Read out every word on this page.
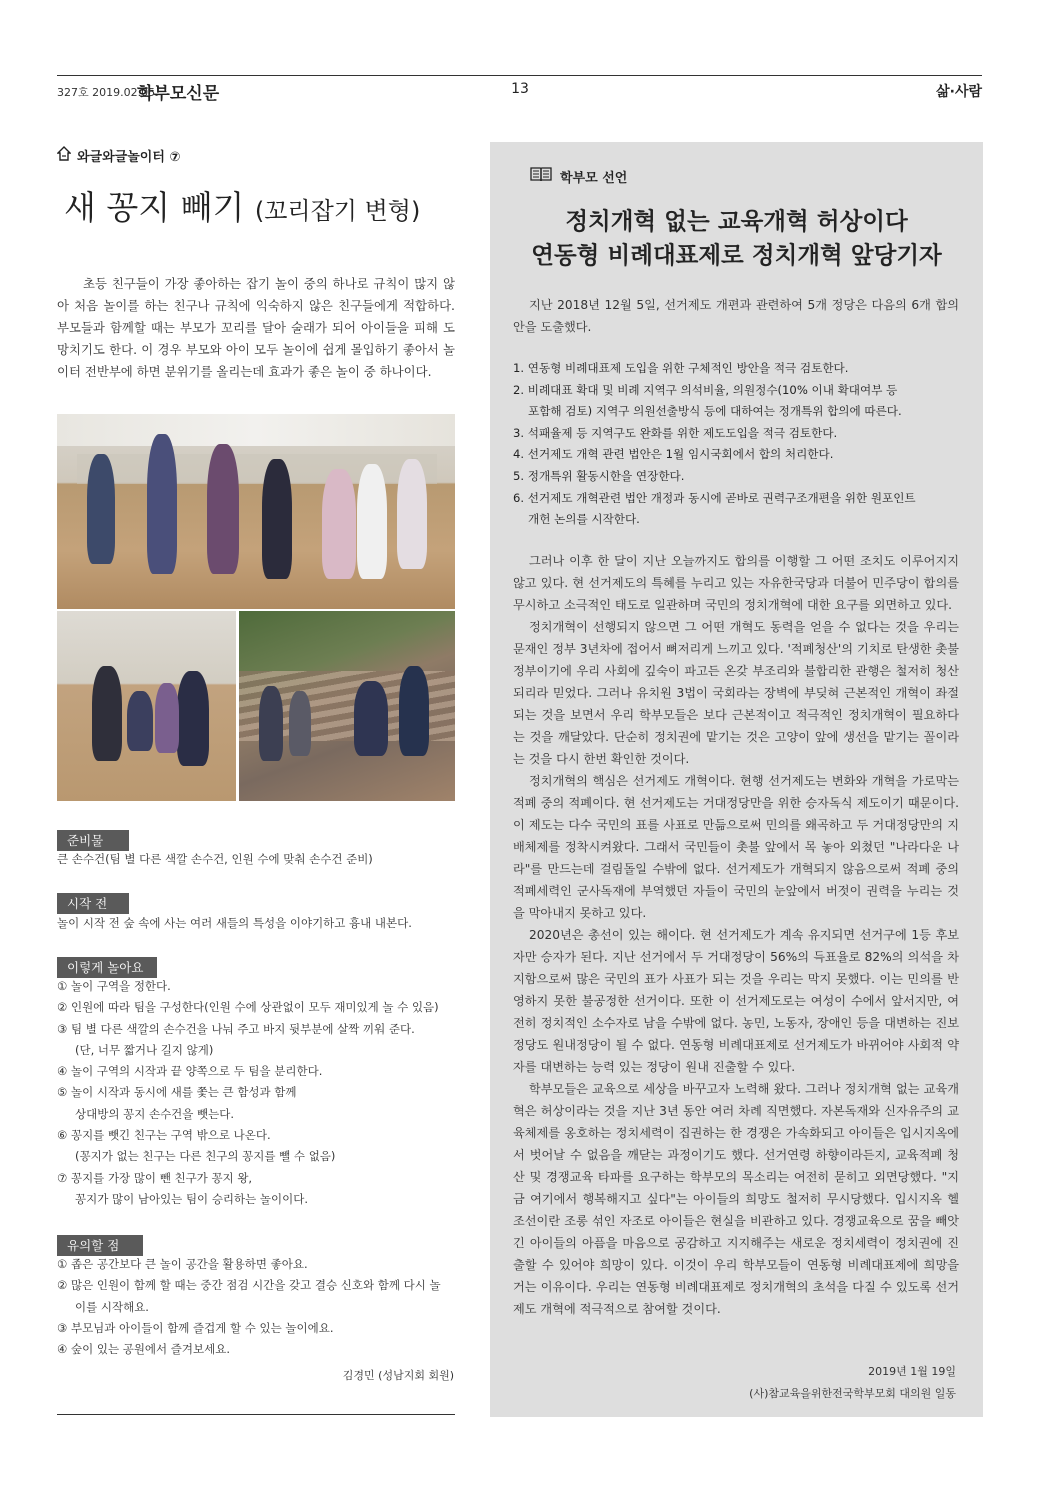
327호 2019.02.05.
학부모신문	13	삶·사람
와글와글놀이터 ⑦
새 꽁지 빼기 (꼬리잡기 변형)
초등 친구들이 가장 좋아하는 잡기 놀이 중의 하나로 규칙이 많지 않아 처음 놀이를 하는 친구나 규칙에 익숙하지 않은 친구들에게 적합하다. 부모들과 함께할 때는 부모가 꼬리를 달아 술래가 되어 아이들을 피해 도망치기도 한다. 이 경우 부모와 아이 모두 놀이에 쉽게 몰입하기 좋아서 놀이터 전반부에 하면 분위기를 올리는데 효과가 좋은 놀이 중 하나이다.
준비물
큰 손수건(팀 별 다른 색깔 손수건, 인원 수에 맞춰 손수건 준비)
시작 전
놀이 시작 전 숲 속에 사는 여러 새들의 특성을 이야기하고 흉내 내본다.
이렇게 놀아요
① 놀이 구역을 정한다.
② 인원에 따라 팀을 구성한다(인원 수에 상관없이 모두 재미있게 놀 수 있음)
③ 팀 별 다른 색깔의 손수건을 나눠 주고 바지 뒷부분에 살짝 끼워 준다.
(단, 너무 짧거나 길지 않게)
④ 놀이 구역의 시작과 끝 양쪽으로 두 팀을 분리한다.
⑤ 놀이 시작과 동시에 새를 쫓는 큰 함성과 함께
상대방의 꽁지 손수건을 뺏는다.
⑥ 꽁지를 뺏긴 친구는 구역 밖으로 나온다.
(꽁지가 없는 친구는 다른 친구의 꽁지를 뺄 수 없음)
⑦ 꽁지를 가장 많이 뺀 친구가 꽁지 왕,
꽁지가 많이 남아있는 팀이 승리하는 놀이이다.
유의할 점
① 좁은 공간보다 큰 놀이 공간을 활용하면 좋아요.
② 많은 인원이 함께 할 때는 중간 점검 시간을 갖고 결승 신호와 함께 다시 놀
이를 시작해요.
③ 부모님과 아이들이 함께 즐겁게 할 수 있는 놀이에요.
④ 숲이 있는 공원에서 즐겨보세요.
김경민 (성남지회 회원)
학부모 선언
정치개혁 없는 교육개혁 허상이다
연동형 비례대표제로 정치개혁 앞당기자
지난 2018년 12월 5일, 선거제도 개편과 관련하여 5개 정당은 다음의 6개 합의안을 도출했다.
1. 연동형 비례대표제 도입을 위한 구체적인 방안을 적극 검토한다.
2. 비례대표 확대 및 비례 지역구 의석비율, 의원정수(10% 이내 확대여부 등
포함해 검토) 지역구 의원선출방식 등에 대하여는 정개특위 합의에 따른다.
3. 석패율제 등 지역구도 완화를 위한 제도도입을 적극 검토한다.
4. 선거제도 개혁 관련 법안은 1월 임시국회에서 합의 처리한다.
5. 정개특위 활동시한을 연장한다.
6. 선거제도 개혁관련 법안 개정과 동시에 곧바로 권력구조개편을 위한 원포인트
개헌 논의를 시작한다.

그러나 이후 한 달이 지난 오늘까지도 합의를 이행할 그 어떤 조치도 이루어지지 않고 있다. 현 선거제도의 특혜를 누리고 있는 자유한국당과 더불어 민주당이 합의를 무시하고 소극적인 태도로 일관하며 국민의 정치개혁에 대한 요구를 외면하고 있다.

정치개혁이 선행되지 않으면 그 어떤 개혁도 동력을 얻을 수 없다는 것을 우리는 문재인 정부 3년차에 접어서 뼈저리게 느끼고 있다. '적폐청산'의 기치로 탄생한 촛불 정부이기에 우리 사회에 깊숙이 파고든 온갖 부조리와 불합리한 관행은 철저히 청산되리라 믿었다. 그러나 유치원 3법이 국회라는 장벽에 부딪혀 근본적인 개혁이 좌절되는 것을 보면서 우리 학부모들은 보다 근본적이고 적극적인 정치개혁이 필요하다는 것을 깨달았다. 단순히 정치권에 맡기는 것은 고양이 앞에 생선을 맡기는 꼴이라는 것을 다시 한번 확인한 것이다.

정치개혁의 핵심은 선거제도 개혁이다. 현행 선거제도는 변화와 개혁을 가로막는 적폐 중의 적폐이다. 현 선거제도는 거대정당만을 위한 승자독식 제도이기 때문이다. 이 제도는 다수 국민의 표를 사표로 만듦으로써 민의를 왜곡하고 두 거대정당만의 지배체제를 정착시켜왔다. 그래서 국민들이 촛불 앞에서 목 놓아 외쳤던 "나라다운 나라"를 만드는데 걸림돌일 수밖에 없다. 선거제도가 개혁되지 않음으로써 적폐 중의 적폐세력인 군사독재에 부역했던 자들이 국민의 눈앞에서 버젓이 권력을 누리는 것을 막아내지 못하고 있다.

2020년은 총선이 있는 해이다. 현 선거제도가 계속 유지되면 선거구에 1등 후보자만 승자가 된다. 지난 선거에서 두 거대정당이 56%의 득표율로 82%의 의석을 차지함으로써 많은 국민의 표가 사표가 되는 것을 우리는 막지 못했다. 이는 민의를 반영하지 못한 불공정한 선거이다. 또한 이 선거제도로는 여성이 수에서 앞서지만, 여전히 정치적인 소수자로 남을 수밖에 없다. 농민, 노동자, 장애인 등을 대변하는 진보정당도 원내정당이 될 수 없다. 연동형 비례대표제로 선거제도가 바뀌어야 사회적 약자를 대변하는 능력 있는 정당이 원내 진출할 수 있다.

학부모들은 교육으로 세상을 바꾸고자 노력해 왔다. 그러나 정치개혁 없는 교육개혁은 허상이라는 것을 지난 3년 동안 여러 차례 직면했다. 자본독재와 신자유주의 교육체제를 옹호하는 정치세력이 집권하는 한 경쟁은 가속화되고 아이들은 입시지옥에서 벗어날 수 없음을 깨닫는 과정이기도 했다. 선거연령 하향이라든지, 교육적폐 청산 및 경쟁교육 타파를 요구하는 학부모의 목소리는 여전히 묻히고 외면당했다. "지금 여기에서 행복해지고 싶다"는 아이들의 희망도 철저히 무시당했다. 입시지옥 헬 조선이란 조롱 섞인 자조로 아이들은 현실을 비관하고 있다. 경쟁교육으로 꿈을 빼앗긴 아이들의 아픔을 마음으로 공감하고 지지해주는 새로운 정치세력이 정치권에 진출할 수 있어야 희망이 있다. 이것이 우리 학부모들이 연동형 비례대표제에 희망을 거는 이유이다. 우리는 연동형 비례대표제로 정치개혁의 초석을 다질 수 있도록 선거제도 개혁에 적극적으로 참여할 것이다.

2019년 1월 19일
(사)참교육을위한전국학부모회 대의원 일동
